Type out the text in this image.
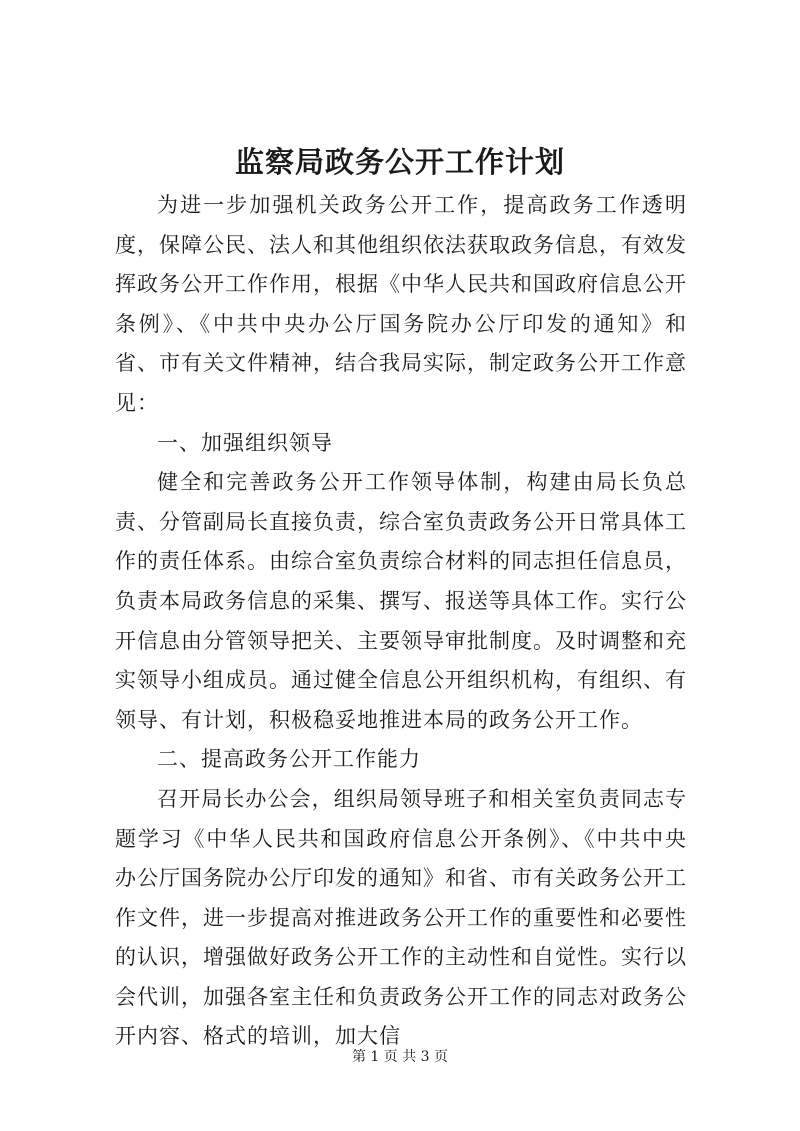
监察局政务公开工作计划

为进一步加强机关政务公开工作，提高政务工作透明度，保障公民、法人和其他组织依法获取政务信息，有效发挥政务公开工作作用，根据《中华人民共和国政府信息公开条例》、《中共中央办公厅国务院办公厅印发的通知》和省、市有关文件精神，结合我局实际，制定政务公开工作意见：

一、加强组织领导

健全和完善政务公开工作领导体制，构建由局长负总责、分管副局长直接负责，综合室负责政务公开日常具体工作的责任体系。由综合室负责综合材料的同志担任信息员，负责本局政务信息的采集、撰写、报送等具体工作。实行公开信息由分管领导把关、主要领导审批制度。及时调整和充实领导小组成员。通过健全信息公开组织机构，有组织、有领导、有计划，积极稳妥地推进本局的政务公开工作。

二、提高政务公开工作能力

召开局长办公会，组织局领导班子和相关室负责同志专题学习《中华人民共和国政府信息公开条例》、《中共中央办公厅国务院办公厅印发的通知》和省、市有关政务公开工作文件，进一步提高对推进政务公开工作的重要性和必要性的认识，增强做好政务公开工作的主动性和自觉性。实行以会代训，加强各室主任和负责政务公开工作的同志对政务公开内容、格式的培训，加大信

第 1 页 共 3 页
